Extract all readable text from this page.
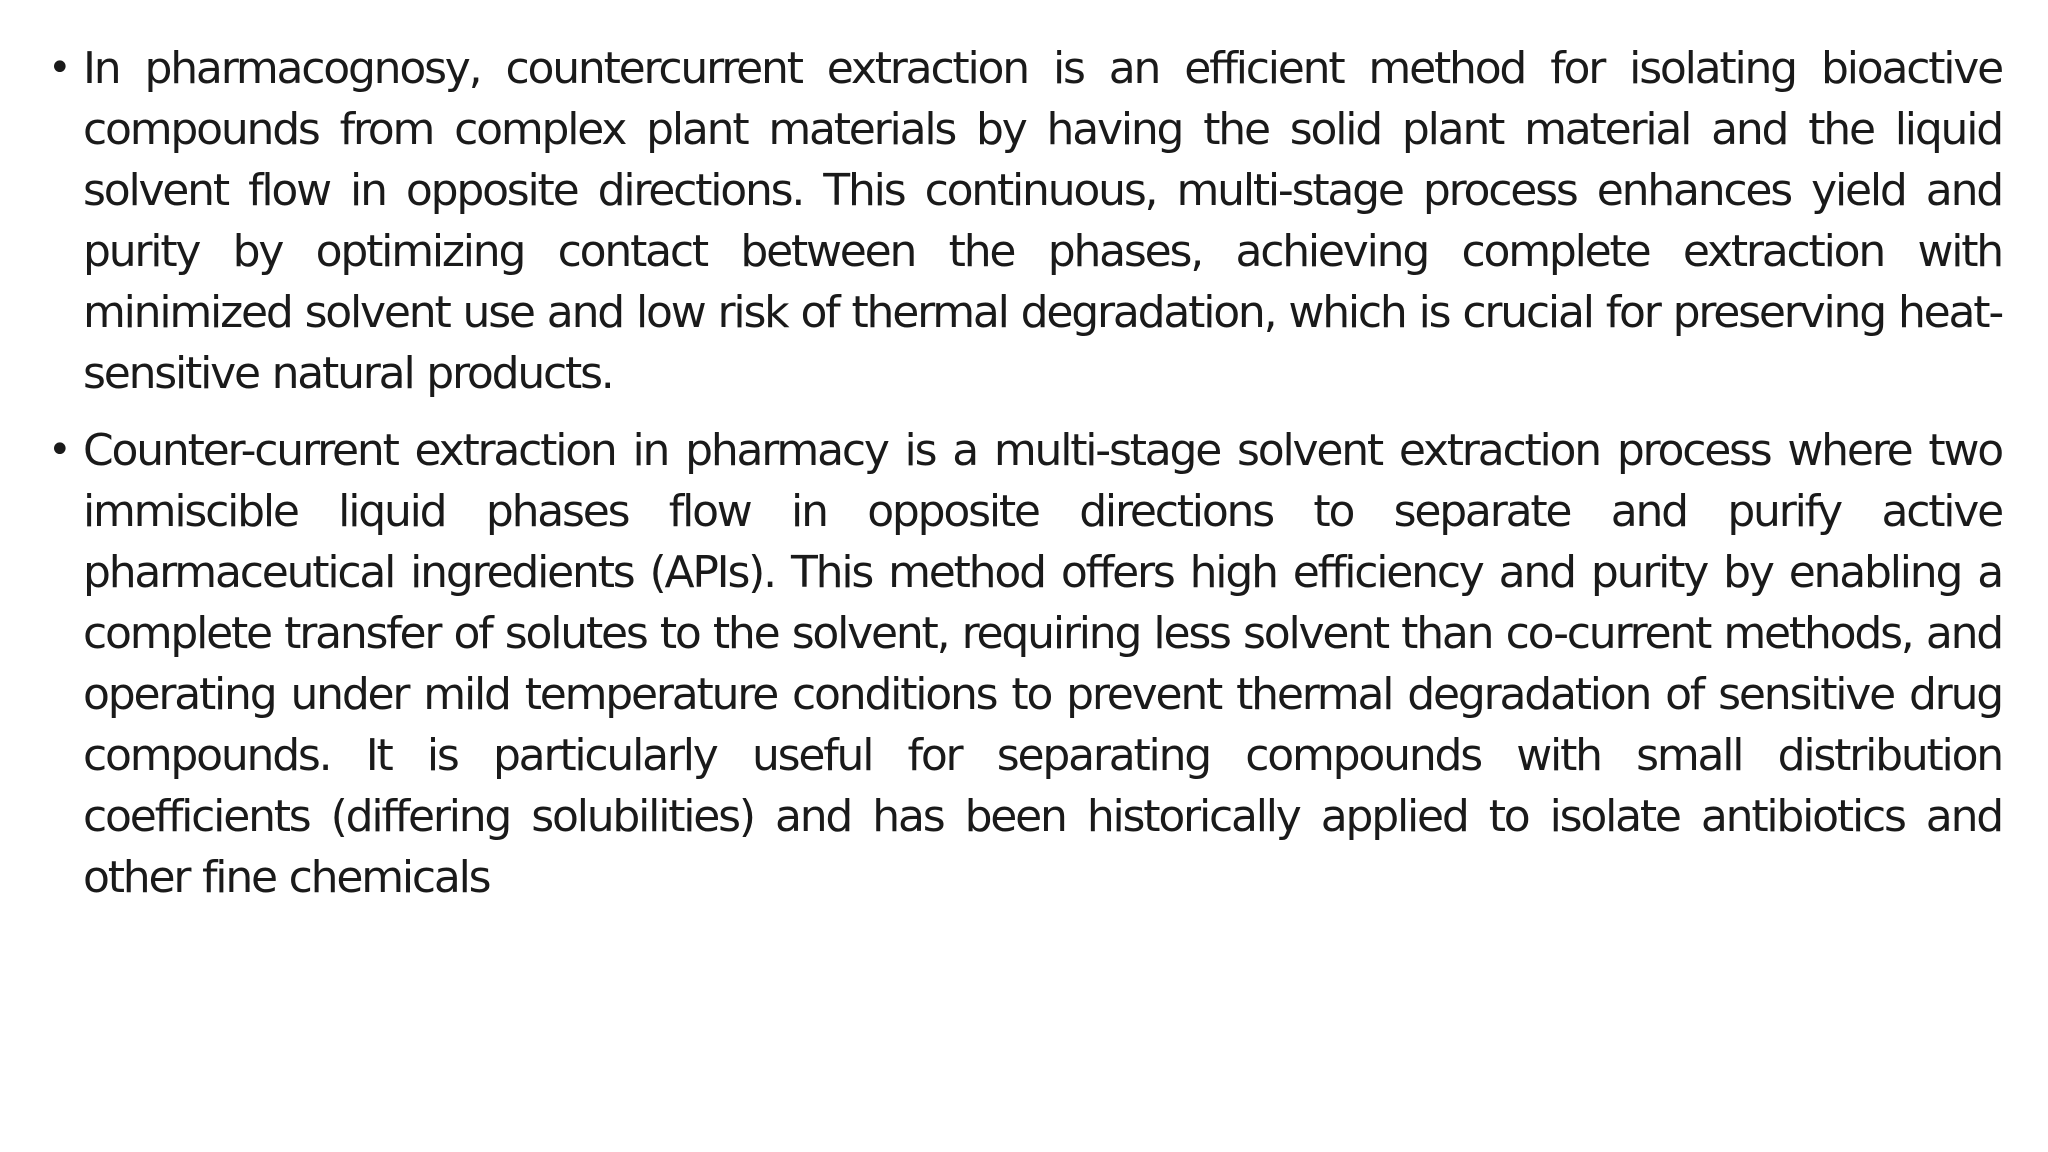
• In pharmacognosy, countercurrent extraction is an efficient method for isolating bioactive compounds from complex plant materials by having the solid plant material and the liquid solvent flow in opposite directions. This continuous, multi-stage process enhances yield and purity by optimizing contact between the phases, achieving complete extraction with minimized solvent use and low risk of thermal degradation, which is crucial for preserving heat-sensitive natural products.
• Counter-current extraction in pharmacy is a multi-stage solvent extraction process where two immiscible liquid phases flow in opposite directions to separate and purify active pharmaceutical ingredients (APIs). This method offers high efficiency and purity by enabling a complete transfer of solutes to the solvent, requiring less solvent than co-current methods, and operating under mild temperature conditions to prevent thermal degradation of sensitive drug compounds. It is particularly useful for separating compounds with small distribution coefficients (differing solubilities) and has been historically applied to isolate antibiotics and other fine chemicals
